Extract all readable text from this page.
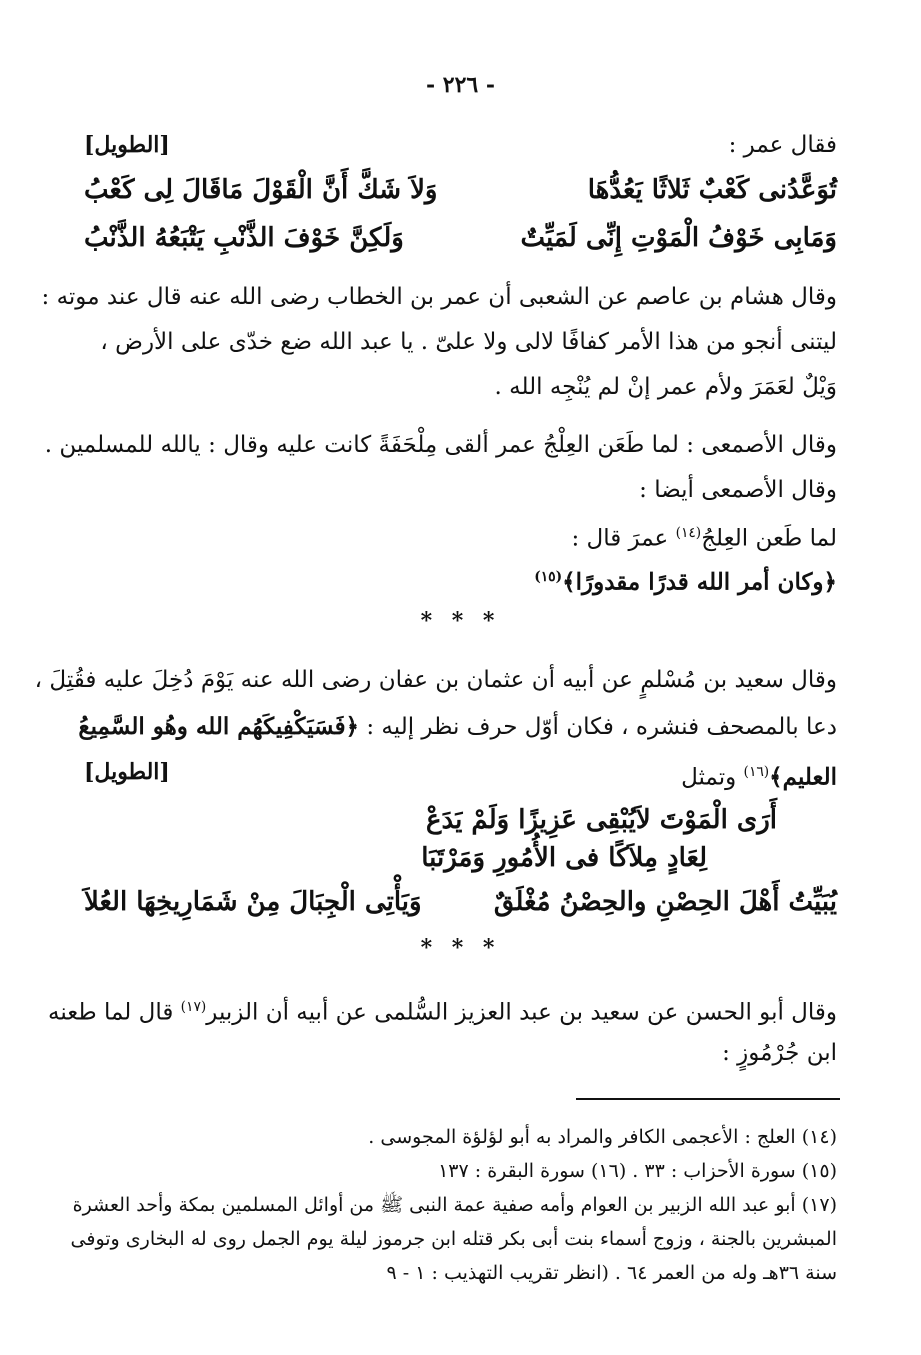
- ٢٢٦ -
فقال عمر :
[الطويل]
تُوَعَّدُنى كَعْبٌ ثَلاثًا يَعُدُّهَا
وَلاَ شَكَّ أَنَّ الْقَوْلَ مَاقَالَ لِى كَعْبُ
وَمَابِى خَوْفُ الْمَوْتِ إِنِّى لَمَيِّتٌ
وَلَكِنَّ خَوْفَ الذَّنْبِ يَتْبَعُهُ الذَّنْبُ
وقال هشام بن عاصم عن الشعبى أن عمر بن الخطاب رضى الله عنه قال عند موته :
ليتنى أنجو من هذا الأمر كفافًا لالى ولا علىّ . يا عبد الله ضع خدّى على الأرض ،
وَيْلٌ لعَمَرَ ولأم عمر إنْ لم يُنْجِه الله .
وقال الأصمعى : لما طَعَن العِلْجُ عمر ألقى مِلْحَفَةً كانت عليه وقال : يالله للمسلمين .
وقال الأصمعى أيضا :
لما طَعن العِلجُ$^{(١٤)}$ عمرَ قال :
﴿وكان أمر الله قدرًا مقدورًا﴾$^{(١٥)}$
* * *
وقال سعيد بن مُسْلمٍ عن أبيه أن عثمان بن عفان رضى الله عنه يَوْمَ دُخِلَ عليه فقُتِلَ ،
دعا بالمصحف فنشره ، فكان أوّل حرف نظر إليه : ﴿فَسَيَكْفِيكَهُم الله وهُو السَّمِيعُ
العليم﴾$^{(١٦)}$ وتمثل
[الطويل]
أَرَى الْمَوْتَ لاَيُبْقِى عَزِيزًا وَلَمْ يَدَعْ
لِعَادٍ مِلاَكًا فى الأُمُورِ وَمَرْتَبَا
يُبَيِّتُ أَهْلَ الحِصْنِ والحِصْنُ مُغْلَقٌ
وَيَأْتِى الْجِبَالَ مِنْ شَمَارِيخِهَا العُلاَ
* * *
وقال أبو الحسن عن سعيد بن عبد العزيز السُّلمى عن أبيه أن الزبير$^{(١٧)}$ قال لما طعنه
ابن جُرْمُوزٍ :
(١٤) العلج : الأعجمى الكافر والمراد به أبو لؤلؤة المجوسى .
(١٥) سورة الأحزاب : ٣٣ . (١٦) سورة البقرة : ١٣٧
(١٧) أبو عبد الله الزبير بن العوام وأمه صفية عمة النبى ﷺ من أوائل المسلمين بمكة وأحد العشرة
المبشرين بالجنة ، وزوج أسماء بنت أبى بكر قتله ابن جرموز ليلة يوم الجمل روى له البخارى وتوفى
سنة ٣٦هـ وله من العمر ٦٤ . (انظر تقريب التهذيب : ١ - ٩
